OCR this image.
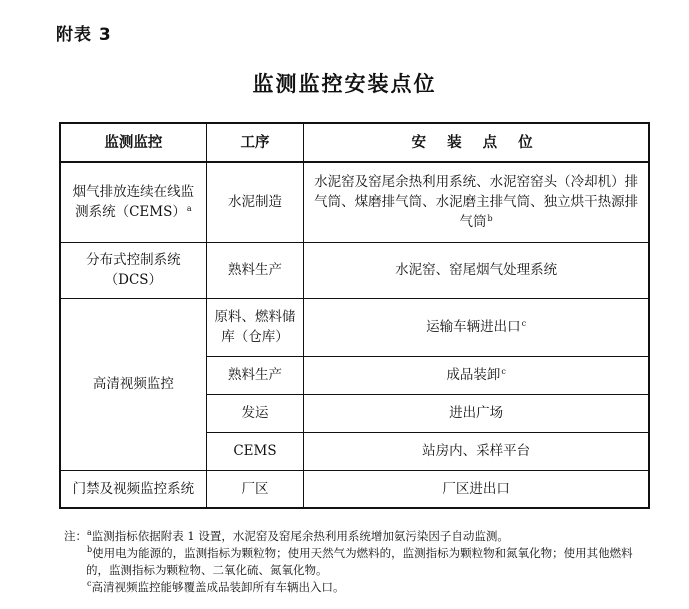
附表 3
监测监控安装点位
监测监控	工序	安 装 点 位
烟气排放连续在线监测系统（CEMS）$^a$	水泥制造	水泥窑及窑尾余热利用系统、水泥窑窑头（冷却机）排气筒、煤磨排气筒、水泥磨主排气筒、独立烘干热源排气筒$^b$
分布式控制系统（DCS）	熟料生产	水泥窑、窑尾烟气处理系统
高清视频监控	原料、燃料储库（仓库）	运输车辆进出口$^c$
	熟料生产	成品装卸$^c$
	发运	进出广场
	CEMS	站房内、采样平台
门禁及视频监控系统	厂区	厂区进出口
注： $^a$监测指标依据附表 1 设置，水泥窑及窑尾余热利用系统增加氨污染因子自动监测。
$^b$使用电为能源的，监测指标为颗粒物；使用天然气为燃料的，监测指标为颗粒物和氮氧化物；使用其他燃料的，监测指标为颗粒物、二氧化硫、氮氧化物。
$^c$高清视频监控能够覆盖成品装卸所有车辆出入口。
